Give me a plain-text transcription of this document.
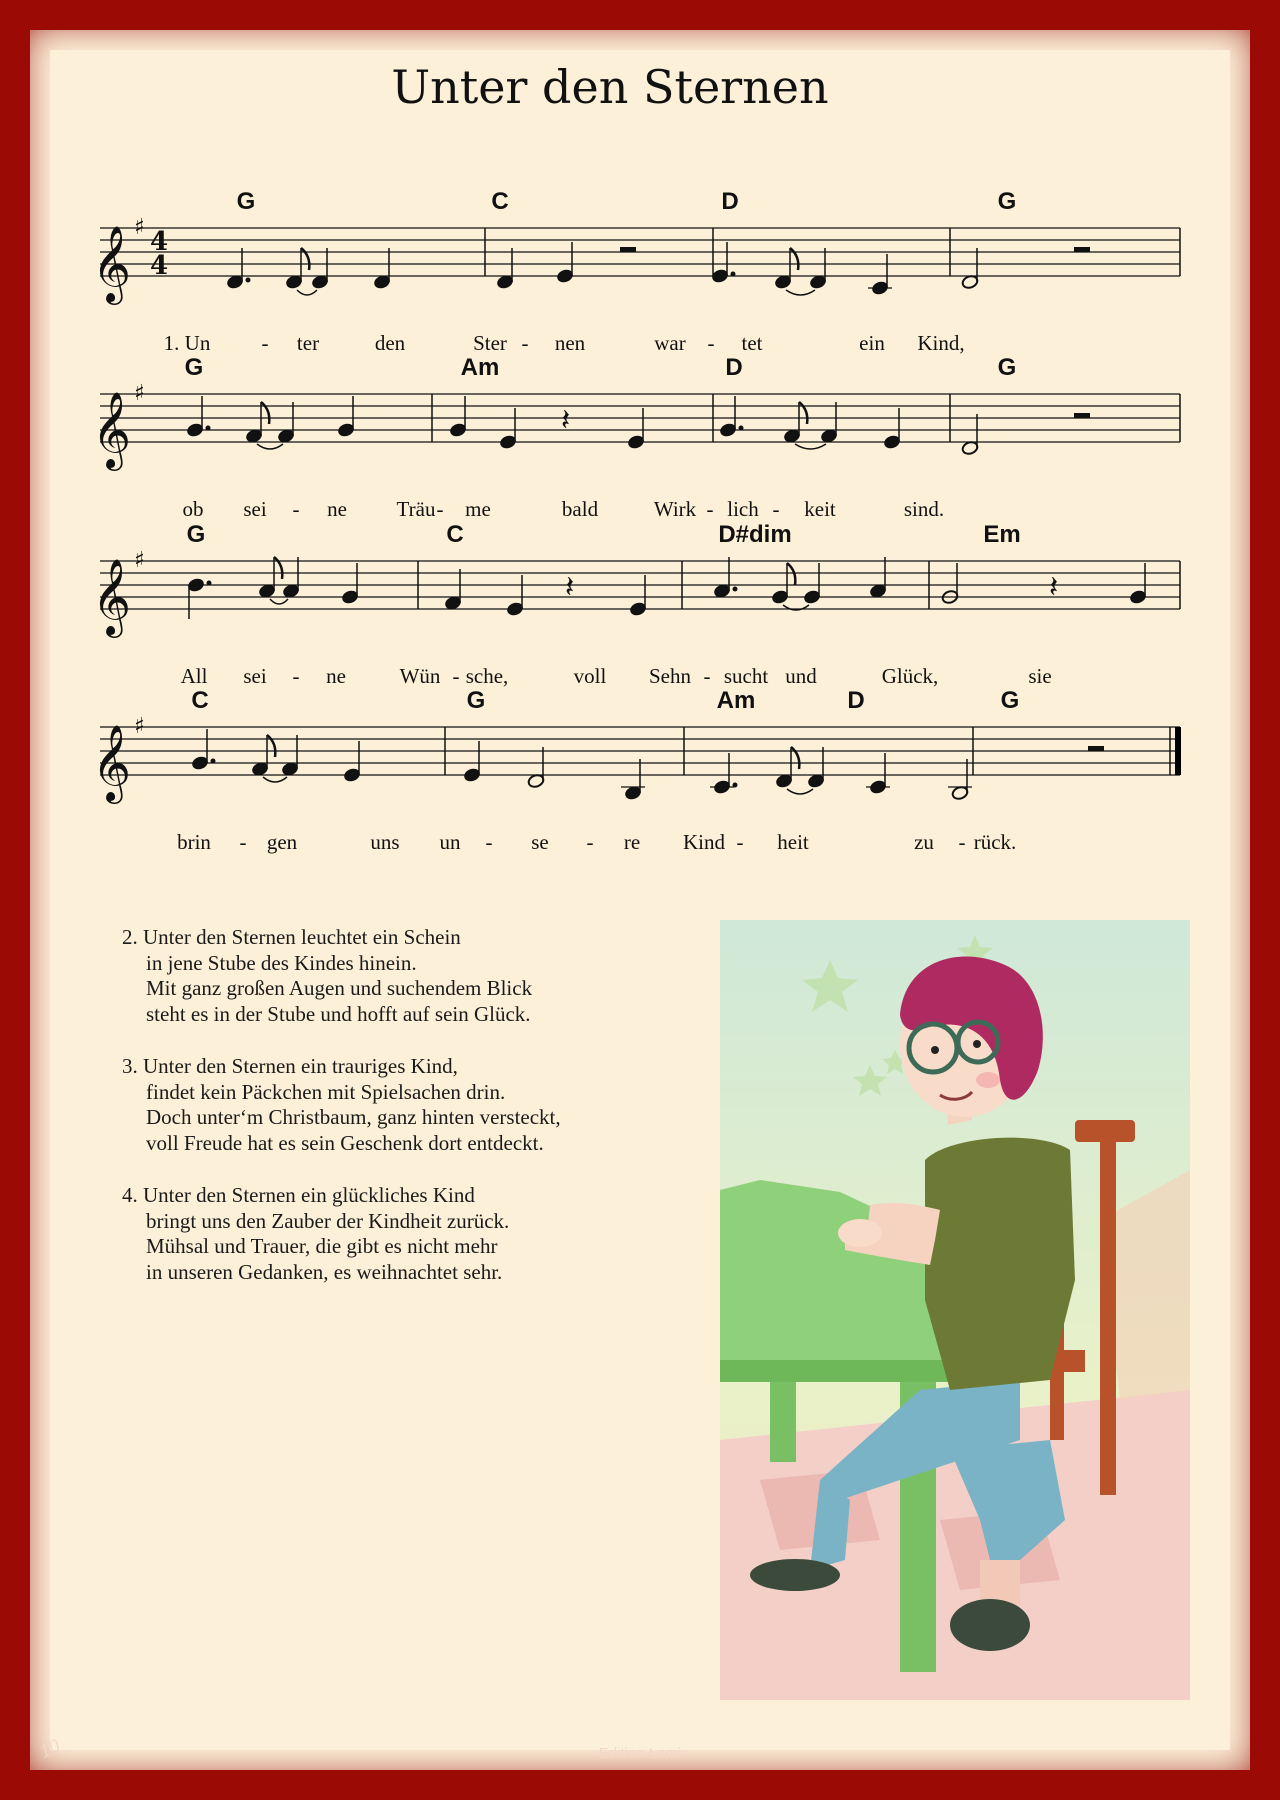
Unter den Sternen
𝄞 ♯ 4
4
G	C	D	G
1. Un - ter	den	Ster - nen	war - tet	ein Kind,
𝄞 ♯
𝄽
G	Am	D	G
ob sei - ne Träu - me	bald	Wirk - lich - keit	sind.
𝄞 ♯
𝄽	𝄽
G	C	D#dim	Em
All sei - ne	Wün - sche,	voll Sehn - sucht und	Glück,	sie
𝄞 ♯
C	G	Am	D	G
brin - gen	uns un - se - re Kind - heit	zu - rück.
2. Unter den Sternen leuchtet ein Schein
in jene Stube des Kindes hinein.
Mit ganz großen Augen und suchendem Blick
steht es in der Stube und hofft auf sein Glück.
3. Unter den Sternen ein trauriges Kind,
findet kein Päckchen mit Spielsachen drin.
Doch unter‘m Christbaum, ganz hinten versteckt,
voll Freude hat es sein Geschenk dort entdeckt.
4. Unter den Sternen ein glückliches Kind
bringt uns den Zauber der Kindheit zurück.
Mühsal und Trauer, die gibt es nicht mehr
in unseren Gedanken, es weihnachtet sehr.
Edition Lemi
10
